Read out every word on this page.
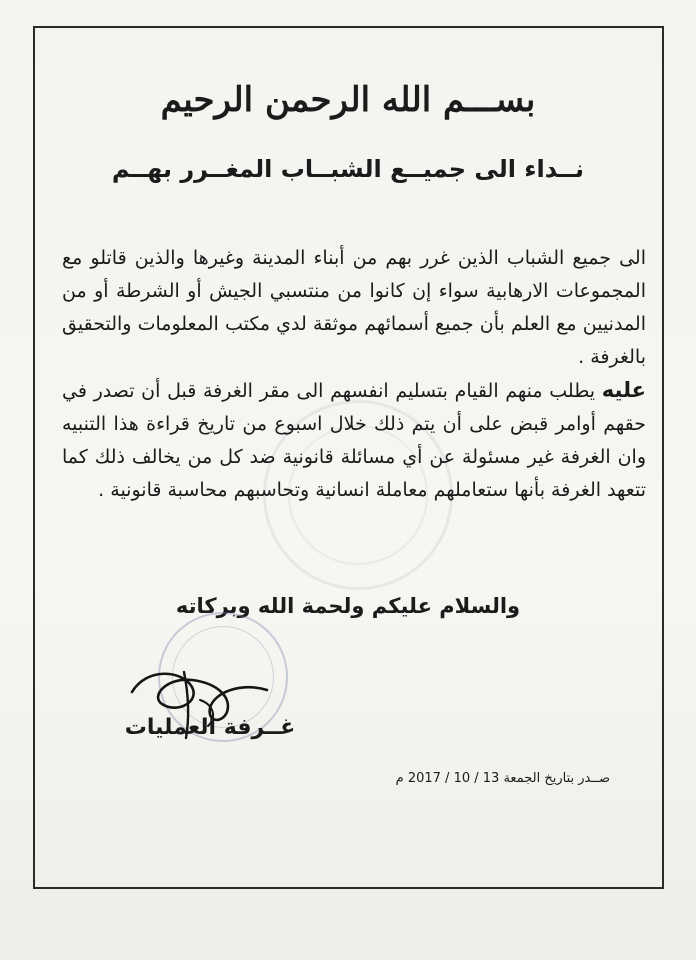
بســـم الله الرحمن الرحيم
نــداء الى جميــع الشبــاب المغــرر بهــم

الى جميع الشباب الذين غرر بهم من أبناء المدينة وغيرها والذين قاتلو مع المجموعات الارهابية سواء إن كانوا من منتسبي الجيش أو الشرطة أو من المدنيين مع العلم بأن جميع أسمائهم موثقة لدي مكتب المعلومات والتحقيق بالغرفة .

عليه يطلب منهم القيام بتسليم انفسهم الى مقر الغرفة قبل أن تصدر في حقهم أوامر قبض على أن يتم ذلك خلال اسبوع من تاريخ قراءة هذا التنبيه وان الغرفة غير مسئولة عن أي مسائلة قانونية ضد كل من يخالف ذلك كما تتعهد الغرفة بأنها ستعاملهم معاملة انسانية وتحاسبهم محاسبة قانونية .

والسلام عليكم ولحمة الله وبركاته
غــرفة العمليات
صــدر بتاريخ الجمعة 13 / 10 / 2017 م
